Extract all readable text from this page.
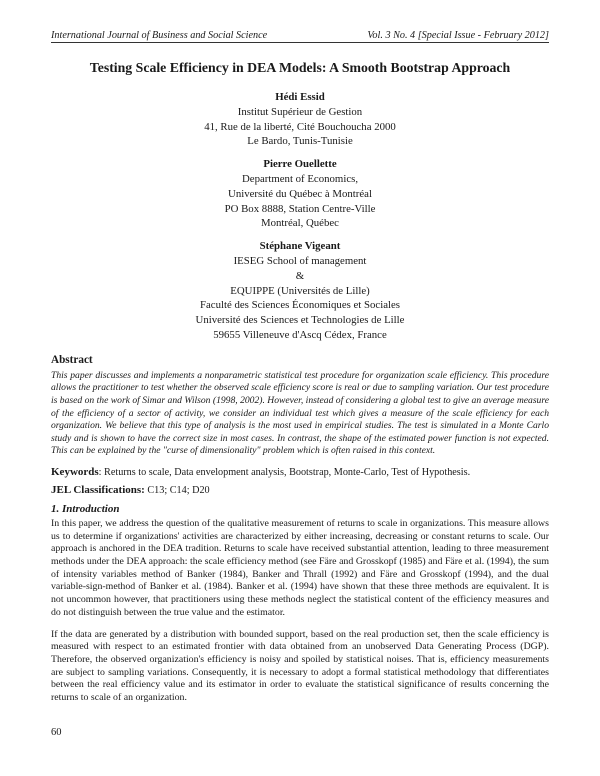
International Journal of Business and Social Science	Vol. 3 No. 4 [Special Issue - February 2012]
Testing Scale Efficiency in DEA Models: A Smooth Bootstrap Approach
Hédi Essid
Institut Supérieur de Gestion
41, Rue de la liberté, Cité Bouchoucha 2000
Le Bardo, Tunis-Tunisie
Pierre Ouellette
Department of Economics,
Université du Québec à Montréal
PO Box 8888, Station Centre-Ville
Montréal, Québec
Stéphane Vigeant
IESEG School of management
&
EQUIPPE (Universités de Lille)
Faculté des Sciences Économiques et Sociales
Université des Sciences et Technologies de Lille
59655 Villeneuve d'Ascq Cédex, France
Abstract
This paper discusses and implements a nonparametric statistical test procedure for organization scale efficiency. This procedure allows the practitioner to test whether the observed scale efficiency score is real or due to sampling variation. Our test procedure is based on the work of Simar and Wilson (1998, 2002). However, instead of considering a global test to give an average measure of the efficiency of a sector of activity, we consider an individual test which gives a measure of the scale efficiency for each organization. We believe that this type of analysis is the most used in empirical studies. The test is simulated in a Monte Carlo study and is shown to have the correct size in most cases. In contrast, the shape of the estimated power function is not expected. This can be explained by the "curse of dimensionality" problem which is often raised in this context.
Keywords: Returns to scale, Data envelopment analysis, Bootstrap, Monte-Carlo, Test of Hypothesis.
JEL Classifications: C13; C14; D20
1. Introduction

In this paper, we address the question of the qualitative measurement of returns to scale in organizations. This measure allows us to determine if organizations' activities are characterized by either increasing, decreasing or constant returns to scale. Our approach is anchored in the DEA tradition. Returns to scale have received substantial attention, leading to three measurement methods under the DEA approach: the scale efficiency method (see Färe and Grosskopf (1985) and Färe et al. (1994), the sum of intensity variables method of Banker (1984), Banker and Thrall (1992) and Färe and Grosskopf (1994), and the dual variable-sign-method of Banker et al. (1984). Banker et al. (1994) have shown that these three methods are equivalent. It is not uncommon however, that practitioners using these methods neglect the statistical content of the efficiency measures and do not distinguish between the true value and the estimator.

If the data are generated by a distribution with bounded support, based on the real production set, then the scale efficiency is measured with respect to an estimated frontier with data obtained from an unobserved Data Generating Process (DGP). Therefore, the observed organization's efficiency is noisy and spoiled by statistical noises. That is, efficiency measurements are subject to sampling variations. Consequently, it is necessary to adopt a formal statistical methodology that differentiates between the real efficiency value and its estimator in order to evaluate the statistical significance of results concerning the returns to scale of an organization.

60
